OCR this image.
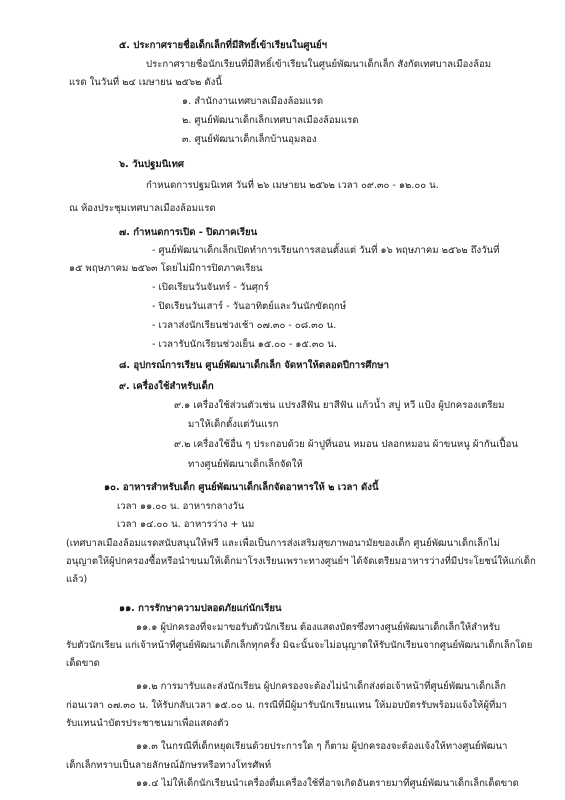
๕. ประกาศรายชื่อเด็กเล็กที่มีสิทธิ์เข้าเรียนในศูนย์ฯ
ประกาศรายชื่อนักเรียนที่มีสิทธิ์เข้าเรียนในศูนย์พัฒนาเด็กเล็ก สังกัดเทศบาลเมืองล้อม
แรด ในวันที่ ๒๔ เมษายน ๒๕๖๒ ดังนี้
๑. สำนักงานเทศบาลเมืองล้อมแรด
๒. ศูนย์พัฒนาเด็กเล็กเทศบาลเมืองล้อมแรด
๓. ศูนย์พัฒนาเด็กเล็กบ้านอุมลอง
๖. วันปฐมนิเทศ
กำหนดการปฐมนิเทศ วันที่ ๒๖ เมษายน ๒๕๖๒ เวลา ๐๙.๓๐ - ๑๒.๐๐ น.
ณ ห้องประชุมเทศบาลเมืองล้อมแรด
๗. กำหนดการเปิด - ปิดภาคเรียน
- ศูนย์พัฒนาเด็กเล็กเปิดทำการเรียนการสอนตั้งแต่ วันที่ ๑๖ พฤษภาคม ๒๕๖๒ ถึงวันที่
๑๕ พฤษภาคม ๒๕๖๓ โดยไม่มีการปิดภาคเรียน
- เปิดเรียนวันจันทร์ - วันศุกร์
- ปิดเรียนวันเสาร์ - วันอาทิตย์และวันนักขัตฤกษ์
- เวลาส่งนักเรียนช่วงเช้า ๐๗.๓๐ - ๐๘.๓๐ น.
- เวลารับนักเรียนช่วงเย็น ๑๕.๐๐ - ๑๕.๓๐ น.
๘. อุปกรณ์การเรียน ศูนย์พัฒนาเด็กเล็ก จัดหาให้ตลอดปีการศึกษา
๙. เครื่องใช้สำหรับเด็ก
๙.๑ เครื่องใช้ส่วนตัวเช่น แปรงสีฟัน ยาสีฟัน แก้วน้ำ สบู่ หวี แป้ง ผู้ปกครองเตรียม
มาให้เด็กตั้งแต่วันแรก
๙.๒ เครื่องใช้อื่น ๆ ประกอบด้วย ผ้าปูที่นอน หมอน ปลอกหมอน ผ้าขนหนู ผ้ากันเปื้อน
ทางศูนย์พัฒนาเด็กเล็กจัดให้
๑๐. อาหารสำหรับเด็ก ศูนย์พัฒนาเด็กเล็กจัดอาหารให้ ๒ เวลา ดังนี้
เวลา ๑๑.๐๐ น. อาหารกลางวัน
เวลา ๑๔.๐๐ น. อาหารว่าง + นม
(เทศบาลเมืองล้อมแรดสนับสนุนให้ฟรี และเพื่อเป็นการส่งเสริมสุขภาพอนามัยของเด็ก ศูนย์พัฒนาเด็กเล็กไม่
อนุญาตให้ผู้ปกครองซื้อหรือนำขนมให้เด็กมาโรงเรียนเพราะทางศูนย์ฯ ได้จัดเตรียมอาหารว่างที่มีประโยชน์ให้แก่เด็ก
แล้ว)
๑๑. การรักษาความปลอดภัยแก่นักเรียน
๑๑.๑ ผู้ปกครองที่จะมาขอรับตัวนักเรียน ต้องแสดงบัตรซึ่งทางศูนย์พัฒนาเด็กเล็กให้สำหรับ
รับตัวนักเรียน แก่เจ้าหน้าที่ศูนย์พัฒนาเด็กเล็กทุกครั้ง มิฉะนั้นจะไม่อนุญาตให้รับนักเรียนจากศูนย์พัฒนาเด็กเล็กโดย
เด็ดขาด
๑๑.๒ การมารับและส่งนักเรียน ผู้ปกครองจะต้องไม่นำเด็กส่งต่อเจ้าหน้าที่ศูนย์พัฒนาเด็กเล็ก
ก่อนเวลา ๐๗.๓๐ น. ให้รับกลับเวลา ๑๕.๐๐ น. กรณีที่มีผู้มารับนักเรียนแทน ให้มอบบัตรรับพร้อมแจ้งให้ผู้ที่มา
รับแทนนำบัตรประชาชนมาเพื่อแสดงตัว
๑๑.๓ ในกรณีที่เด็กหยุดเรียนด้วยประการใด ๆ ก็ตาม ผู้ปกครองจะต้องแจ้งให้ทางศูนย์พัฒนา
เด็กเล็กทราบเป็นลายลักษณ์อักษรหรือทางโทรศัพท์
๑๑.๔ ไม่ให้เด็กนักเรียนนำเครื่องดื่มเครื่องใช้ที่อาจเกิดอันตรายมาที่ศูนย์พัฒนาเด็กเล็กเด็ดขาด
